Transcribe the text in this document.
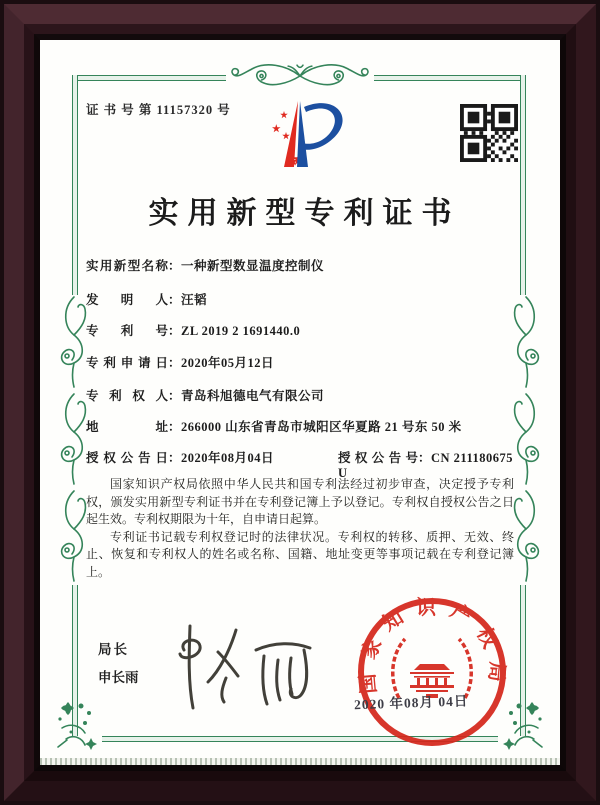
证 书 号 第 11157320 号
实用新型专利证书
实用新型名称：一种新型数显温度控制仪
发明人：汪韬
专利号：ZL 2019 2 1691440.0
专利申请日：2020年05月12日
专利权人：青岛科旭德电气有限公司
地址：266000 山东省青岛市城阳区华夏路 21 号东 50 米
授权公告日：2020年08月04日	授权公告号：CN 211180675 U

国家知识产权局依照中华人民共和国专利法经过初步审查，决定授予专利权，颁发实用新型专利证书并在专利登记簿上予以登记。专利权自授权公告之日起生效。专利权期限为十年，自申请日起算。

专利证书记载专利权登记时的法律状况。专利权的转移、质押、无效、终止、恢复和专利权人的姓名或名称、国籍、地址变更等事项记载在专利登记簿上。

局长
申长雨	国家知识产权局
2020 年08月 04日
